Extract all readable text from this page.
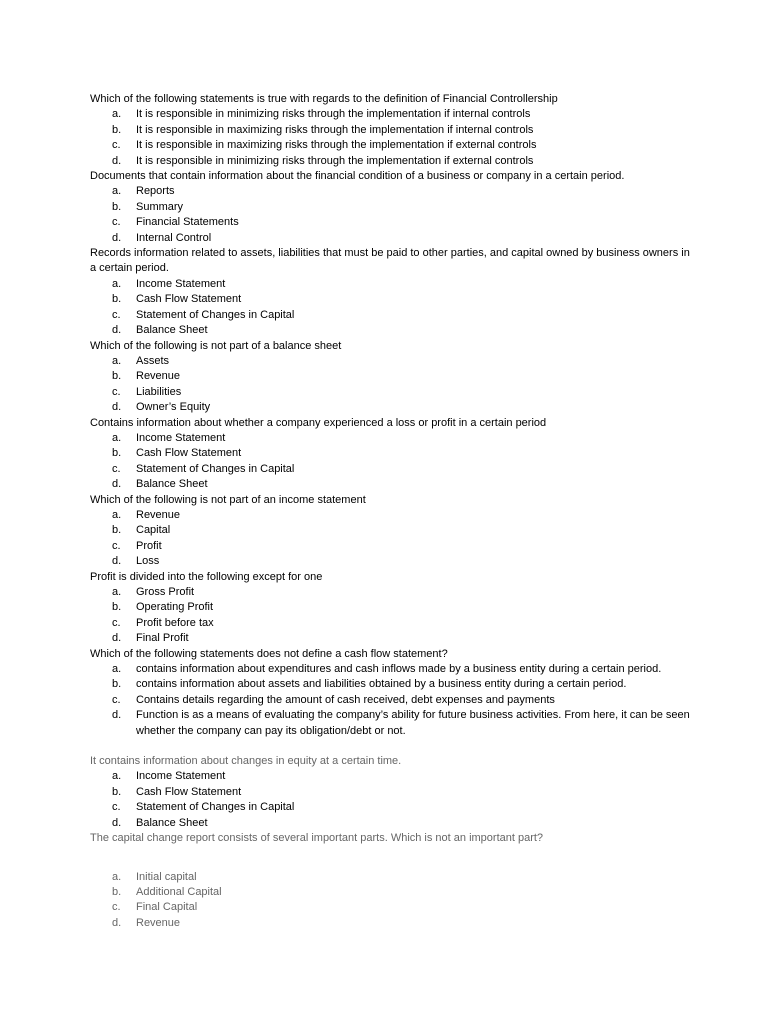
Which of the following statements is true with regards to the definition of Financial Controllership

a. It is responsible in minimizing risks through the implementation if internal controls
b. It is responsible in maximizing risks through the implementation if internal controls
c. It is responsible in maximizing risks through the implementation if external controls
d. It is responsible in minimizing risks through the implementation if external controls

Documents that contain information about the financial condition of a business or company in a certain period.

a. Reports
b. Summary
c. Financial Statements
d. Internal Control

Records information related to assets, liabilities that must be paid to other parties, and capital owned by business owners in a certain period.

a. Income Statement
b. Cash Flow Statement
c. Statement of Changes in Capital
d. Balance Sheet

Which of the following is not part of a balance sheet

a. Assets
b. Revenue
c. Liabilities
d. Owner’s Equity

Contains information about whether a company experienced a loss or profit in a certain period

a. Income Statement
b. Cash Flow Statement
c. Statement of Changes in Capital
d. Balance Sheet

Which of the following is not part of an income statement

a. Revenue
b. Capital
c. Profit
d. Loss

Profit is divided into the following except for one

a. Gross Profit
b. Operating Profit
c. Profit before tax
d. Final Profit

Which of the following statements does not define a cash flow statement?

a. contains information about expenditures and cash inflows made by a business entity during a certain period.
b. contains information about assets and liabilities obtained by a business entity during a certain period.
c. Contains details regarding the amount of cash received, debt expenses and payments
d. Function is as a means of evaluating the company’s ability for future business activities. From here, it can be seen whether the company can pay its obligation/debt or not.

It contains information about changes in equity at a certain time.

a. Income Statement
b. Cash Flow Statement
c. Statement of Changes in Capital
d. Balance Sheet

The capital change report consists of several important parts. Which is not an important part?

a. Initial capital
b. Additional Capital
c. Final Capital
d. Revenue
